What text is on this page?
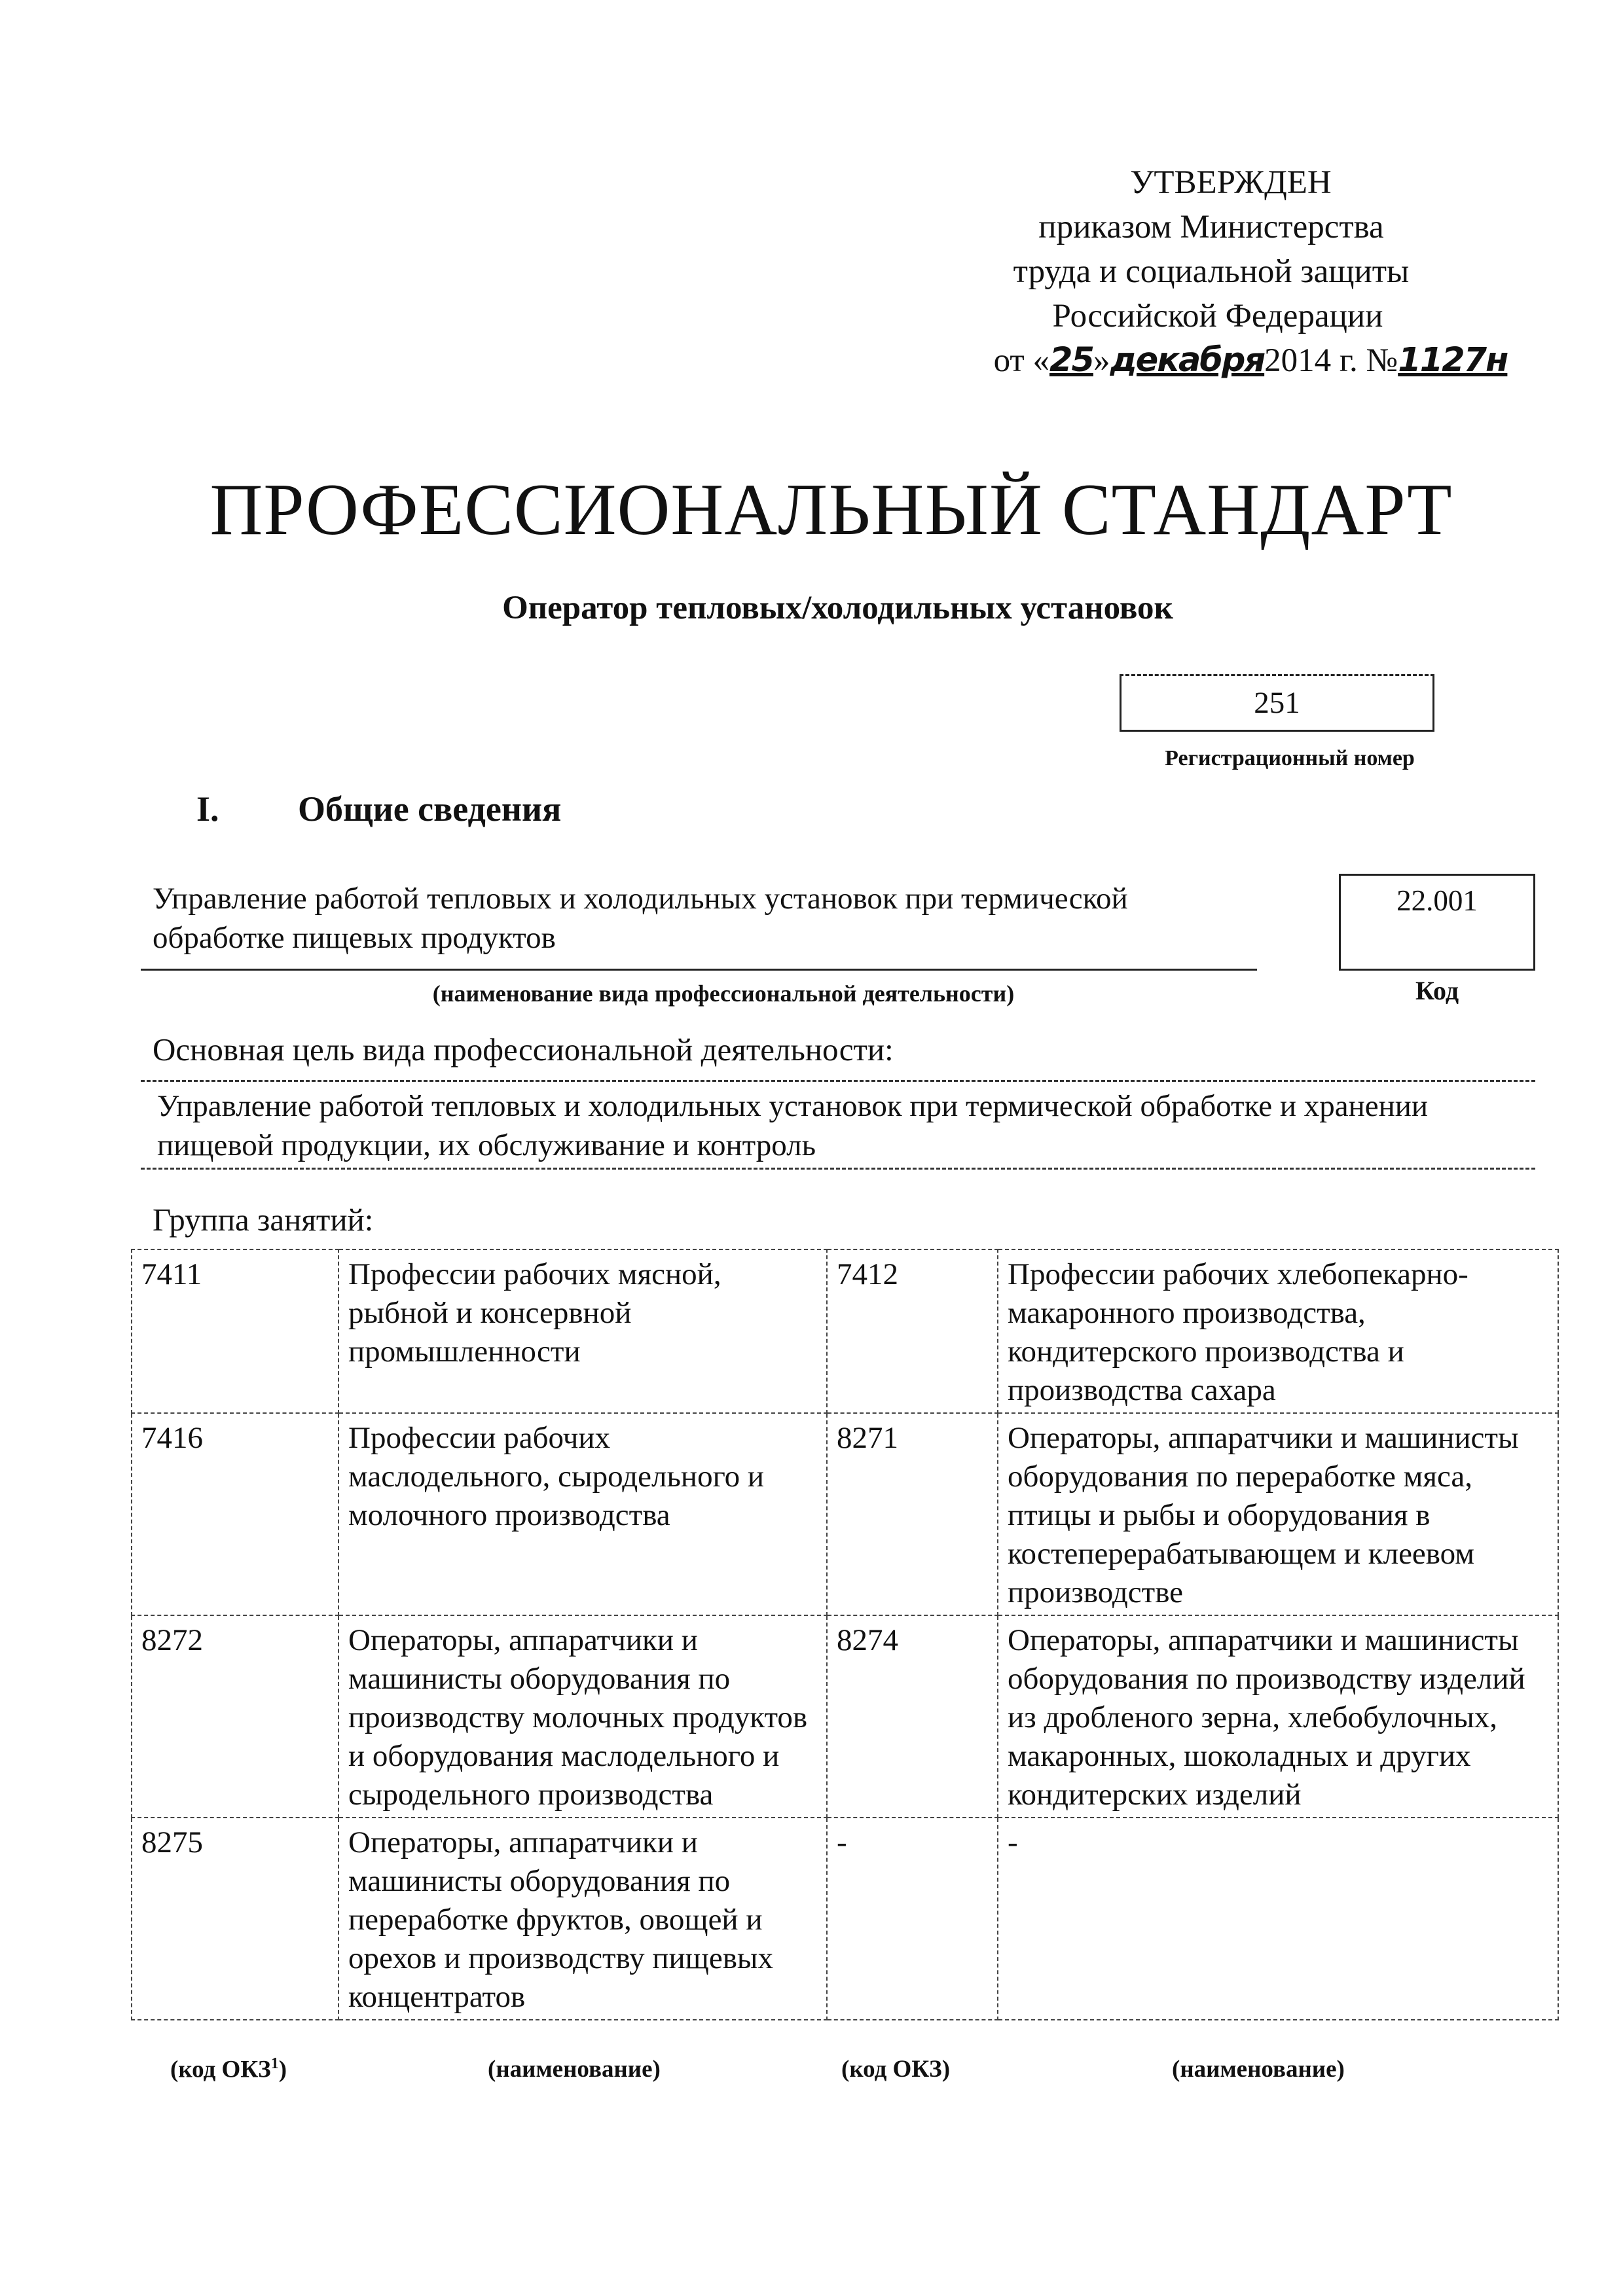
УТВЕРЖДЕН
приказом Министерства
труда и социальной защиты
Российской Федерации
от «25»декабря2014 г. №1127н
ПРОФЕССИОНАЛЬНЫЙ СТАНДАРТ
Оператор тепловых/холодильных установок
251
Регистрационный номер
I. Общие сведения
Управление работой тепловых и холодильных установок при термической обработке пищевых продуктов
22.001
(наименование вида профессиональной деятельности)	Код
Основная цель вида профессиональной деятельности:
Управление работой тепловых и холодильных установок при термической обработке и хранении пищевой продукции, их обслуживание и контроль
Группа занятий:
7411	Профессии рабочих мясной, рыбной и консервной промышленности	7412	Профессии рабочих хлебопекарно-макаронного производства, кондитерского производства и производства сахара
7416	Профессии рабочих маслодельного, сыродельного и молочного производства	8271	Операторы, аппаратчики и машинисты оборудования по переработке мяса, птицы и рыбы и оборудования в костеперерабатывающем и клеевом производстве
8272	Операторы, аппаратчики и машинисты оборудования по производству молочных продуктов и оборудования маслодельного и сыродельного производства	8274	Операторы, аппаратчики и машинисты оборудования по производству изделий из дробленого зерна, хлебобулочных, макаронных, шоколадных и других кондитерских изделий
8275	Операторы, аппаратчики и машинисты оборудования по переработке фруктов, овощей и орехов и производству пищевых концентратов	-	-
(код ОКЗ$^1$)	(наименование)	(код ОКЗ)	(наименование)
